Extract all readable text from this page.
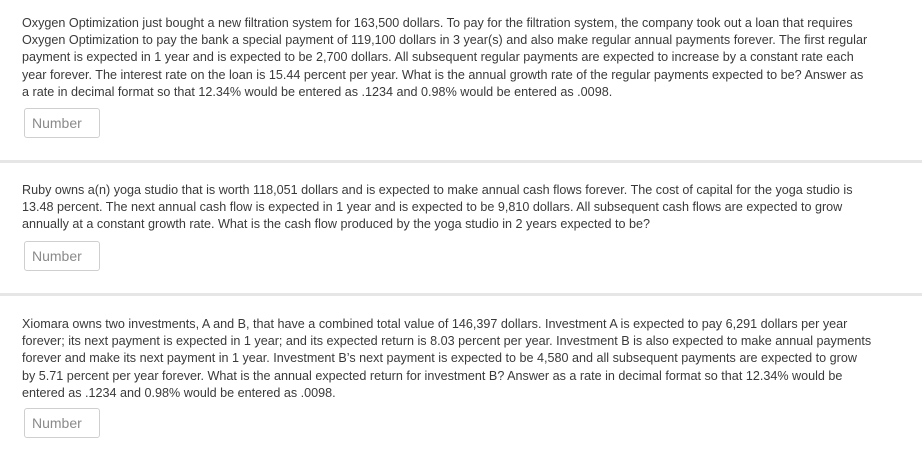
Oxygen Optimization just bought a new filtration system for 163,500 dollars. To pay for the filtration system, the company took out a loan that requires Oxygen Optimization to pay the bank a special payment of 119,100 dollars in 3 year(s) and also make regular annual payments forever. The first regular payment is expected in 1 year and is expected to be 2,700 dollars. All subsequent regular payments are expected to increase by a constant rate each year forever. The interest rate on the loan is 15.44 percent per year. What is the annual growth rate of the regular payments expected to be? Answer as a rate in decimal format so that 12.34% would be entered as .1234 and 0.98% would be entered as .0098.

Number

Ruby owns a(n) yoga studio that is worth 118,051 dollars and is expected to make annual cash flows forever. The cost of capital for the yoga studio is 13.48 percent. The next annual cash flow is expected in 1 year and is expected to be 9,810 dollars. All subsequent cash flows are expected to grow annually at a constant growth rate. What is the cash flow produced by the yoga studio in 2 years expected to be?

Number

Xiomara owns two investments, A and B, that have a combined total value of 146,397 dollars. Investment A is expected to pay 6,291 dollars per year forever; its next payment is expected in 1 year; and its expected return is 8.03 percent per year. Investment B is also expected to make annual payments forever and make its next payment in 1 year. Investment B’s next payment is expected to be 4,580 and all subsequent payments are expected to grow by 5.71 percent per year forever. What is the annual expected return for investment B? Answer as a rate in decimal format so that 12.34% would be entered as .1234 and 0.98% would be entered as .0098.

Number
